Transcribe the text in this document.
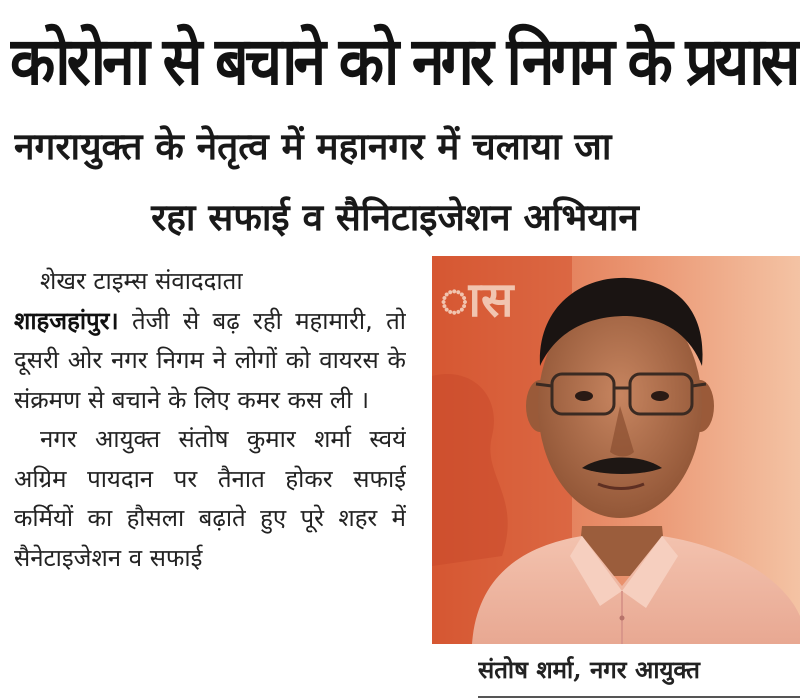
कोरोना से बचाने को नगर निगम के प्रयास
नगरायुक्त के नेतृत्व में महानगर में चलाया जा
रहा सफाई व सैनिटाइजेशन अभियान
शेखर टाइम्स संवाददाता

शाहजहांपुर। तेजी से बढ़ रही महामारी, तो दूसरी ओर नगर निगम ने लोगों को वायरस के संक्रमण से बचाने के लिए कमर कस ली ।

नगर आयुक्त संतोष कुमार शर्मा स्वयं अग्रिम पायदान पर तैनात होकर सफाई कर्मियों का हौसला बढ़ाते हुए पूरे शहर में सैनेटाइजेशन व सफाई

ास
संतोष शर्मा, नगर आयुक्त
